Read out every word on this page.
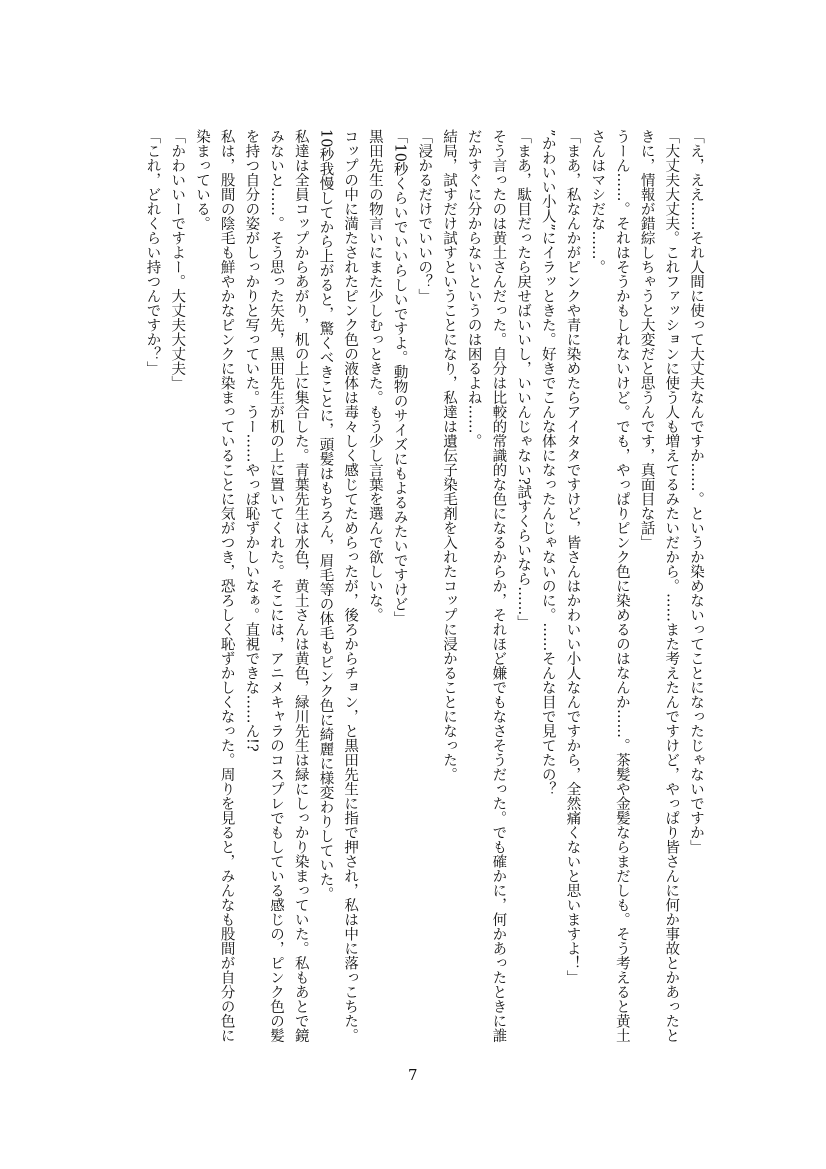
「え，ええ……それ人間に使って大丈夫なんですか……。というか染めないってことになったじゃないですか」
「大丈夫大丈夫。これファッションに使う人も増えてるみたいだから。……また考えたんですけど，やっぱり皆さんに何か事故とかあったと
きに，情報が錯綜しちゃうと大変だと思うんです，真面目な話」
うーん……。それはそうかもしれないけど。でも，やっぱりピンク色に染めるのはなんか……。茶髪や金髪ならまだしも。そう考えると黄土
さんはマシだな……。
「まあ，私なんかがピンクや青に染めたらアイタタですけど，皆さんはかわいい小人なんですから，全然痛くないと思いますよ！」
”かわいい小人”にイラッときた。好きでこんな体になったんじゃないのに。……そんな目で見てたの？
「まあ，駄目だったら戻せばいいし，いいんじゃない?試すくらいなら……」
そう言ったのは黄土さんだった。自分は比較的常識的な色になるからか，それほど嫌でもなさそうだった。でも確かに，何かあったときに誰
だかすぐに分からないというのは困るよね……。
結局，試すだけ試すということになり，私達は遺伝子染毛剤を入れたコップに浸かることになった。
「浸かるだけでいいの？」
「10秒くらいでいいらしいですよ。動物のサイズにもよるみたいですけど」
黒田先生の物言いにまた少しむっときた。もう少し言葉を選んで欲しいな。
コップの中に満たされたピンク色の液体は毒々しく感じてためらったが，後ろからチョン，と黒田先生に指で押され，私は中に落っこちた。
10秒我慢してから上がると，驚くべきことに，頭髪はもちろん，眉毛等の体毛もピンク色に綺麗に様変わりしていた。
私達は全員コップからあがり，机の上に集合した。青葉先生は水色，黄土さんは黄色，緑川先生は緑にしっかり染まっていた。私もあとで鏡
みないと……。そう思った矢先，黒田先生が机の上に置いてくれた。そこには，アニメキャラのコスプレでもしている感じの，ピンク色の髪
を持つ自分の姿がしっかりと写っていた。うー……やっぱ恥ずかしいなぁ。直視できな……ん!?
私は，股間の陰毛も鮮やかなピンクに染まっていることに気がつき，恐ろしく恥ずかしくなった。周りを見ると，みんなも股間が自分の色に
染まっている。
「かわいいーですよー。大丈夫大丈夫」
「これ，どれくらい持つんですか？」
7
